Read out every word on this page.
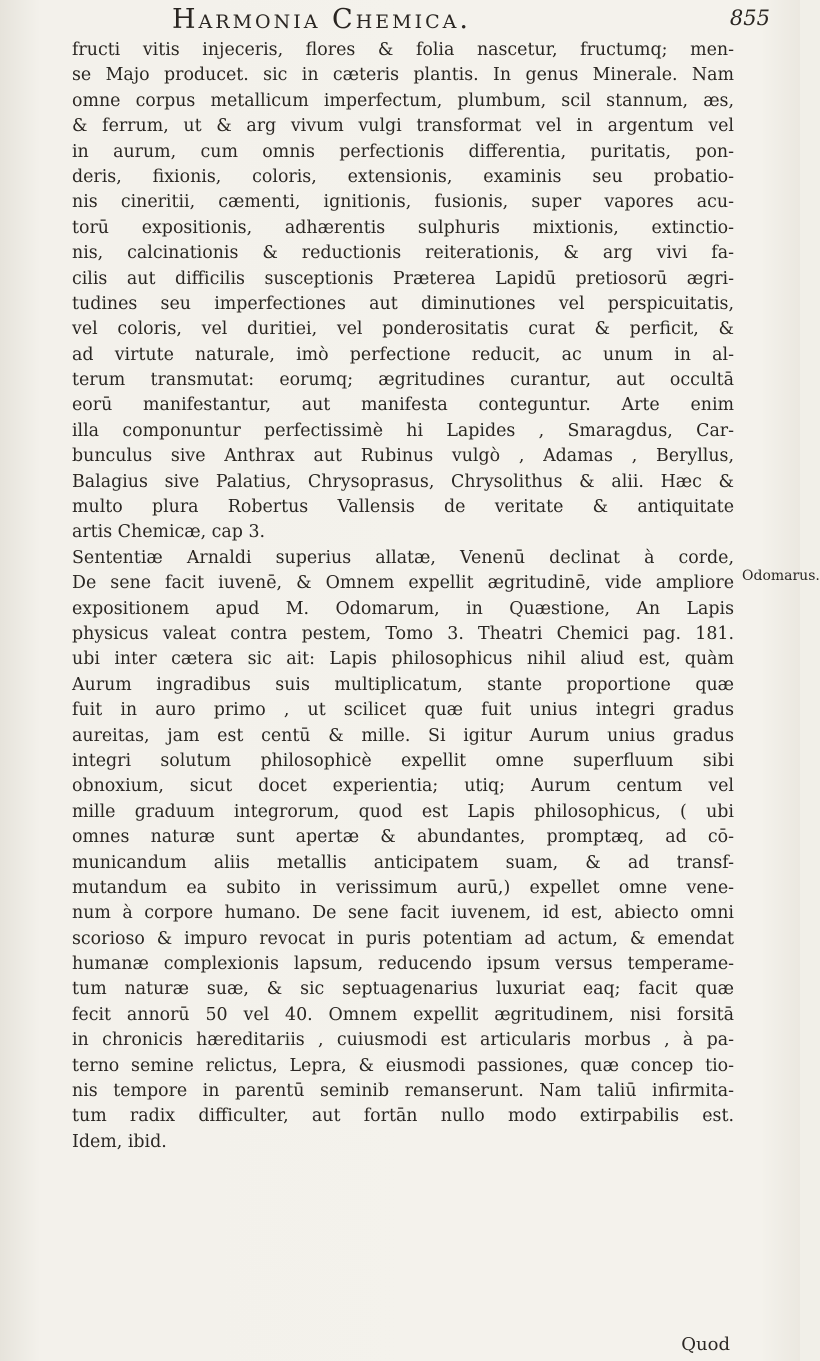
Harmonia Chemica.	855
fructi vitis injeceris, flores & folia nascetur, fructumq; men-
se Majo producet. sic in cæteris plantis. In genus Minerale. Nam
omne corpus metallicum imperfectum, plumbum, scil stannum, æs,
& ferrum, ut & arg vivum vulgi transformat vel in argentum vel
in aurum, cum omnis perfectionis differentia, puritatis, pon-
deris, fixionis, coloris, extensionis, examinis seu probatio-
nis cineritii, cæmenti, ignitionis, fusionis, super vapores acu-
torū expositionis, adhærentis sulphuris mixtionis, extinctio-
nis, calcinationis & reductionis reiterationis, & arg vivi fa-
cilis aut difficilis susceptionis Præterea Lapidū pretiosorū ægri-
tudines seu imperfectiones aut diminutiones vel perspicuitatis,
vel coloris, vel duritiei, vel ponderositatis curat & perficit, &
ad virtute naturale, imò perfectione reducit, ac unum in al-
terum transmutat: eorumq; ægritudines curantur, aut occultā
eorū manifestantur, aut manifesta conteguntur. Arte enim
illa componuntur perfectissimè hi Lapides , Smaragdus, Car-
bunculus sive Anthrax aut Rubinus vulgò , Adamas , Beryllus,
Balagius sive Palatius, Chrysoprasus, Chrysolithus & alii. Hæc &
multo plura Robertus Vallensis de veritate & antiquitate
artis Chemicæ, cap 3.
Sententiæ Arnaldi superius allatæ, Venenū declinat à corde,
De sene facit iuvenē, & Omnem expellit ægritudinē, vide ampliore
expositionem apud M. Odomarum, in Quæstione, An Lapis
physicus valeat contra pestem, Tomo 3. Theatri Chemici pag. 181.
ubi inter cætera sic ait: Lapis philosophicus nihil aliud est, quàm
Aurum ingradibus suis multiplicatum, stante proportione quæ
fuit in auro primo , ut scilicet quæ fuit unius integri gradus
aureitas, jam est centū & mille. Si igitur Aurum unius gradus
integri solutum philosophicè expellit omne superfluum sibi
obnoxium, sicut docet experientia; utiq; Aurum centum vel
mille graduum integrorum, quod est Lapis philosophicus, ( ubi
omnes naturæ sunt apertæ & abundantes, promptæq, ad cō-
municandum aliis metallis anticipatem suam, & ad transf-
mutandum ea subito in verissimum aurū,) expellet omne vene-
num à corpore humano. De sene facit iuvenem, id est, abiecto omni
scorioso & impuro revocat in puris potentiam ad actum, & emendat
humanæ complexionis lapsum, reducendo ipsum versus temperame-
tum naturæ suæ, & sic septuagenarius luxuriat eaq; facit quæ
fecit annorū 50 vel 40. Omnem expellit ægritudinem, nisi forsitā
in chronicis hæreditariis , cuiusmodi est articularis morbus , à pa-
terno semine relictus, Lepra, & eiusmodi passiones, quæ concep tio-
nis tempore in parentū seminib remanserunt. Nam taliū infirmita-
tum radix difficulter, aut fortān nullo modo extirpabilis est.
Idem, ibid.
Odomarus.
Quod
